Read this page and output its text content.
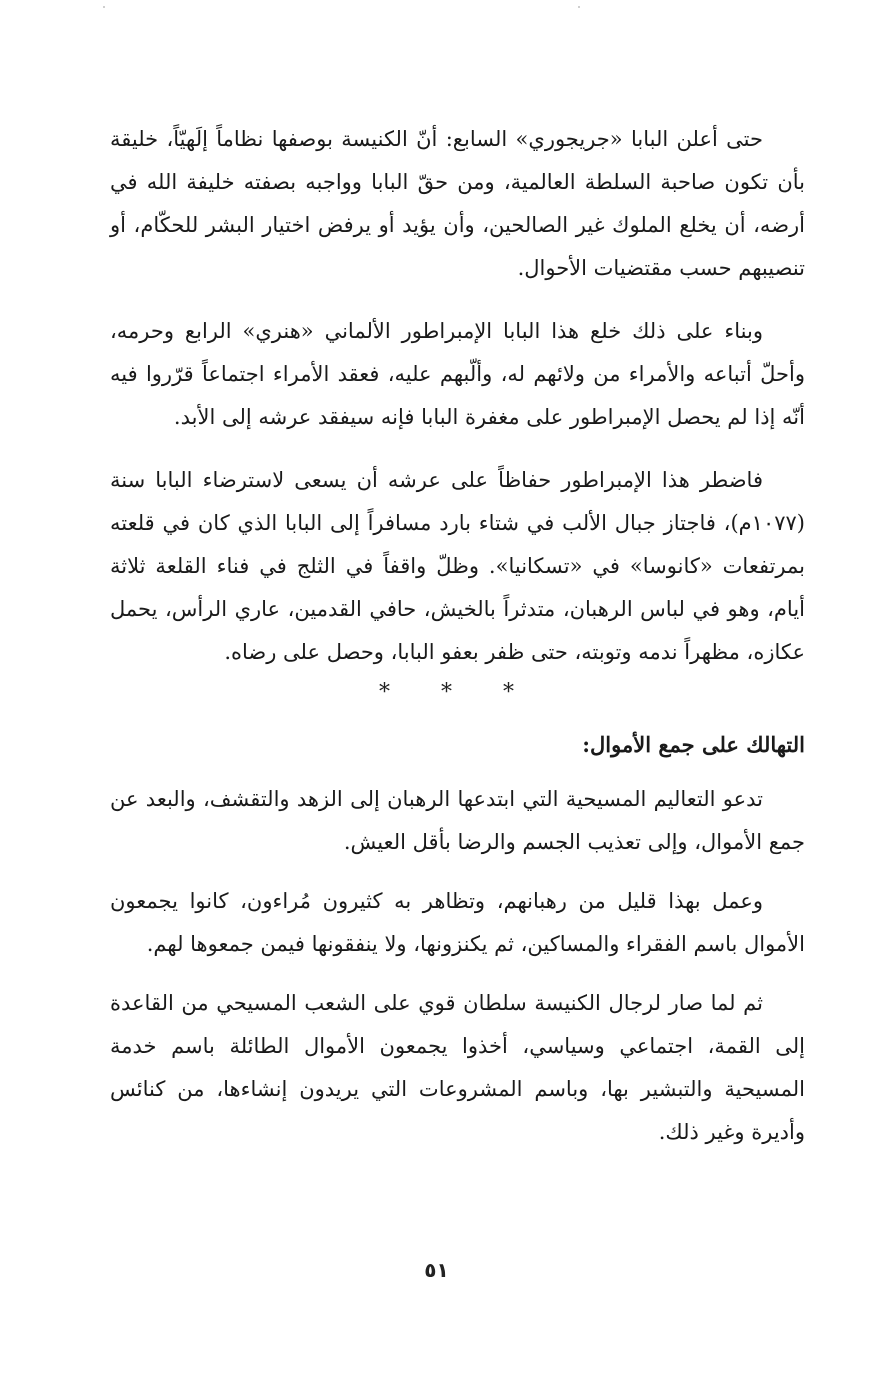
حتى أعلن البابا «جريجوري» السابع: أنّ الكنيسة بوصفها نظاماً إلَهيّاً، خليقة بأن تكون صاحبة السلطة العالمية، ومن حقّ البابا وواجبه بصفته خليفة الله في أرضه، أن يخلع الملوك غير الصالحين، وأن يؤيد أو يرفض اختيار البشر للحكّام، أو تنصيبهم حسب مقتضيات الأحوال.

وبناء على ذلك خلع هذا البابا الإمبراطور الألماني «هنري» الرابع وحرمه، وأحلّ أتباعه والأمراء من ولائهم له، وألّبهم عليه، فعقد الأمراء اجتماعاً قرّروا فيه أنّه إذا لم يحصل الإمبراطور على مغفرة البابا فإنه سيفقد عرشه إلى الأبد.

فاضطر هذا الإمبراطور حفاظاً على عرشه أن يسعى لاسترضاء البابا سنة (١٠٧٧م)، فاجتاز جبال الألب في شتاء بارد مسافراً إلى البابا الذي كان في قلعته بمرتفعات «كانوسا» في «تسكانيا». وظلّ واقفاً في الثلج في فناء القلعة ثلاثة أيام، وهو في لباس الرهبان، متدثراً بالخيش، حافي القدمين، عاري الرأس، يحمل عكازه، مظهراً ندمه وتوبته، حتى ظفر بعفو البابا، وحصل على رضاه.

* * *
التهالك على جمع الأموال:

تدعو التعاليم المسيحية التي ابتدعها الرهبان إلى الزهد والتقشف، والبعد عن جمع الأموال، وإلى تعذيب الجسم والرضا بأقل العيش.

وعمل بهذا قليل من رهبانهم، وتظاهر به كثيرون مُراءون، كانوا يجمعون الأموال باسم الفقراء والمساكين، ثم يكنزونها، ولا ينفقونها فيمن جمعوها لهم.

ثم لما صار لرجال الكنيسة سلطان قوي على الشعب المسيحي من القاعدة إلى القمة، اجتماعي وسياسي، أخذوا يجمعون الأموال الطائلة باسم خدمة المسيحية والتبشير بها، وباسم المشروعات التي يريدون إنشاءها، من كنائس وأديرة وغير ذلك.

٥١
